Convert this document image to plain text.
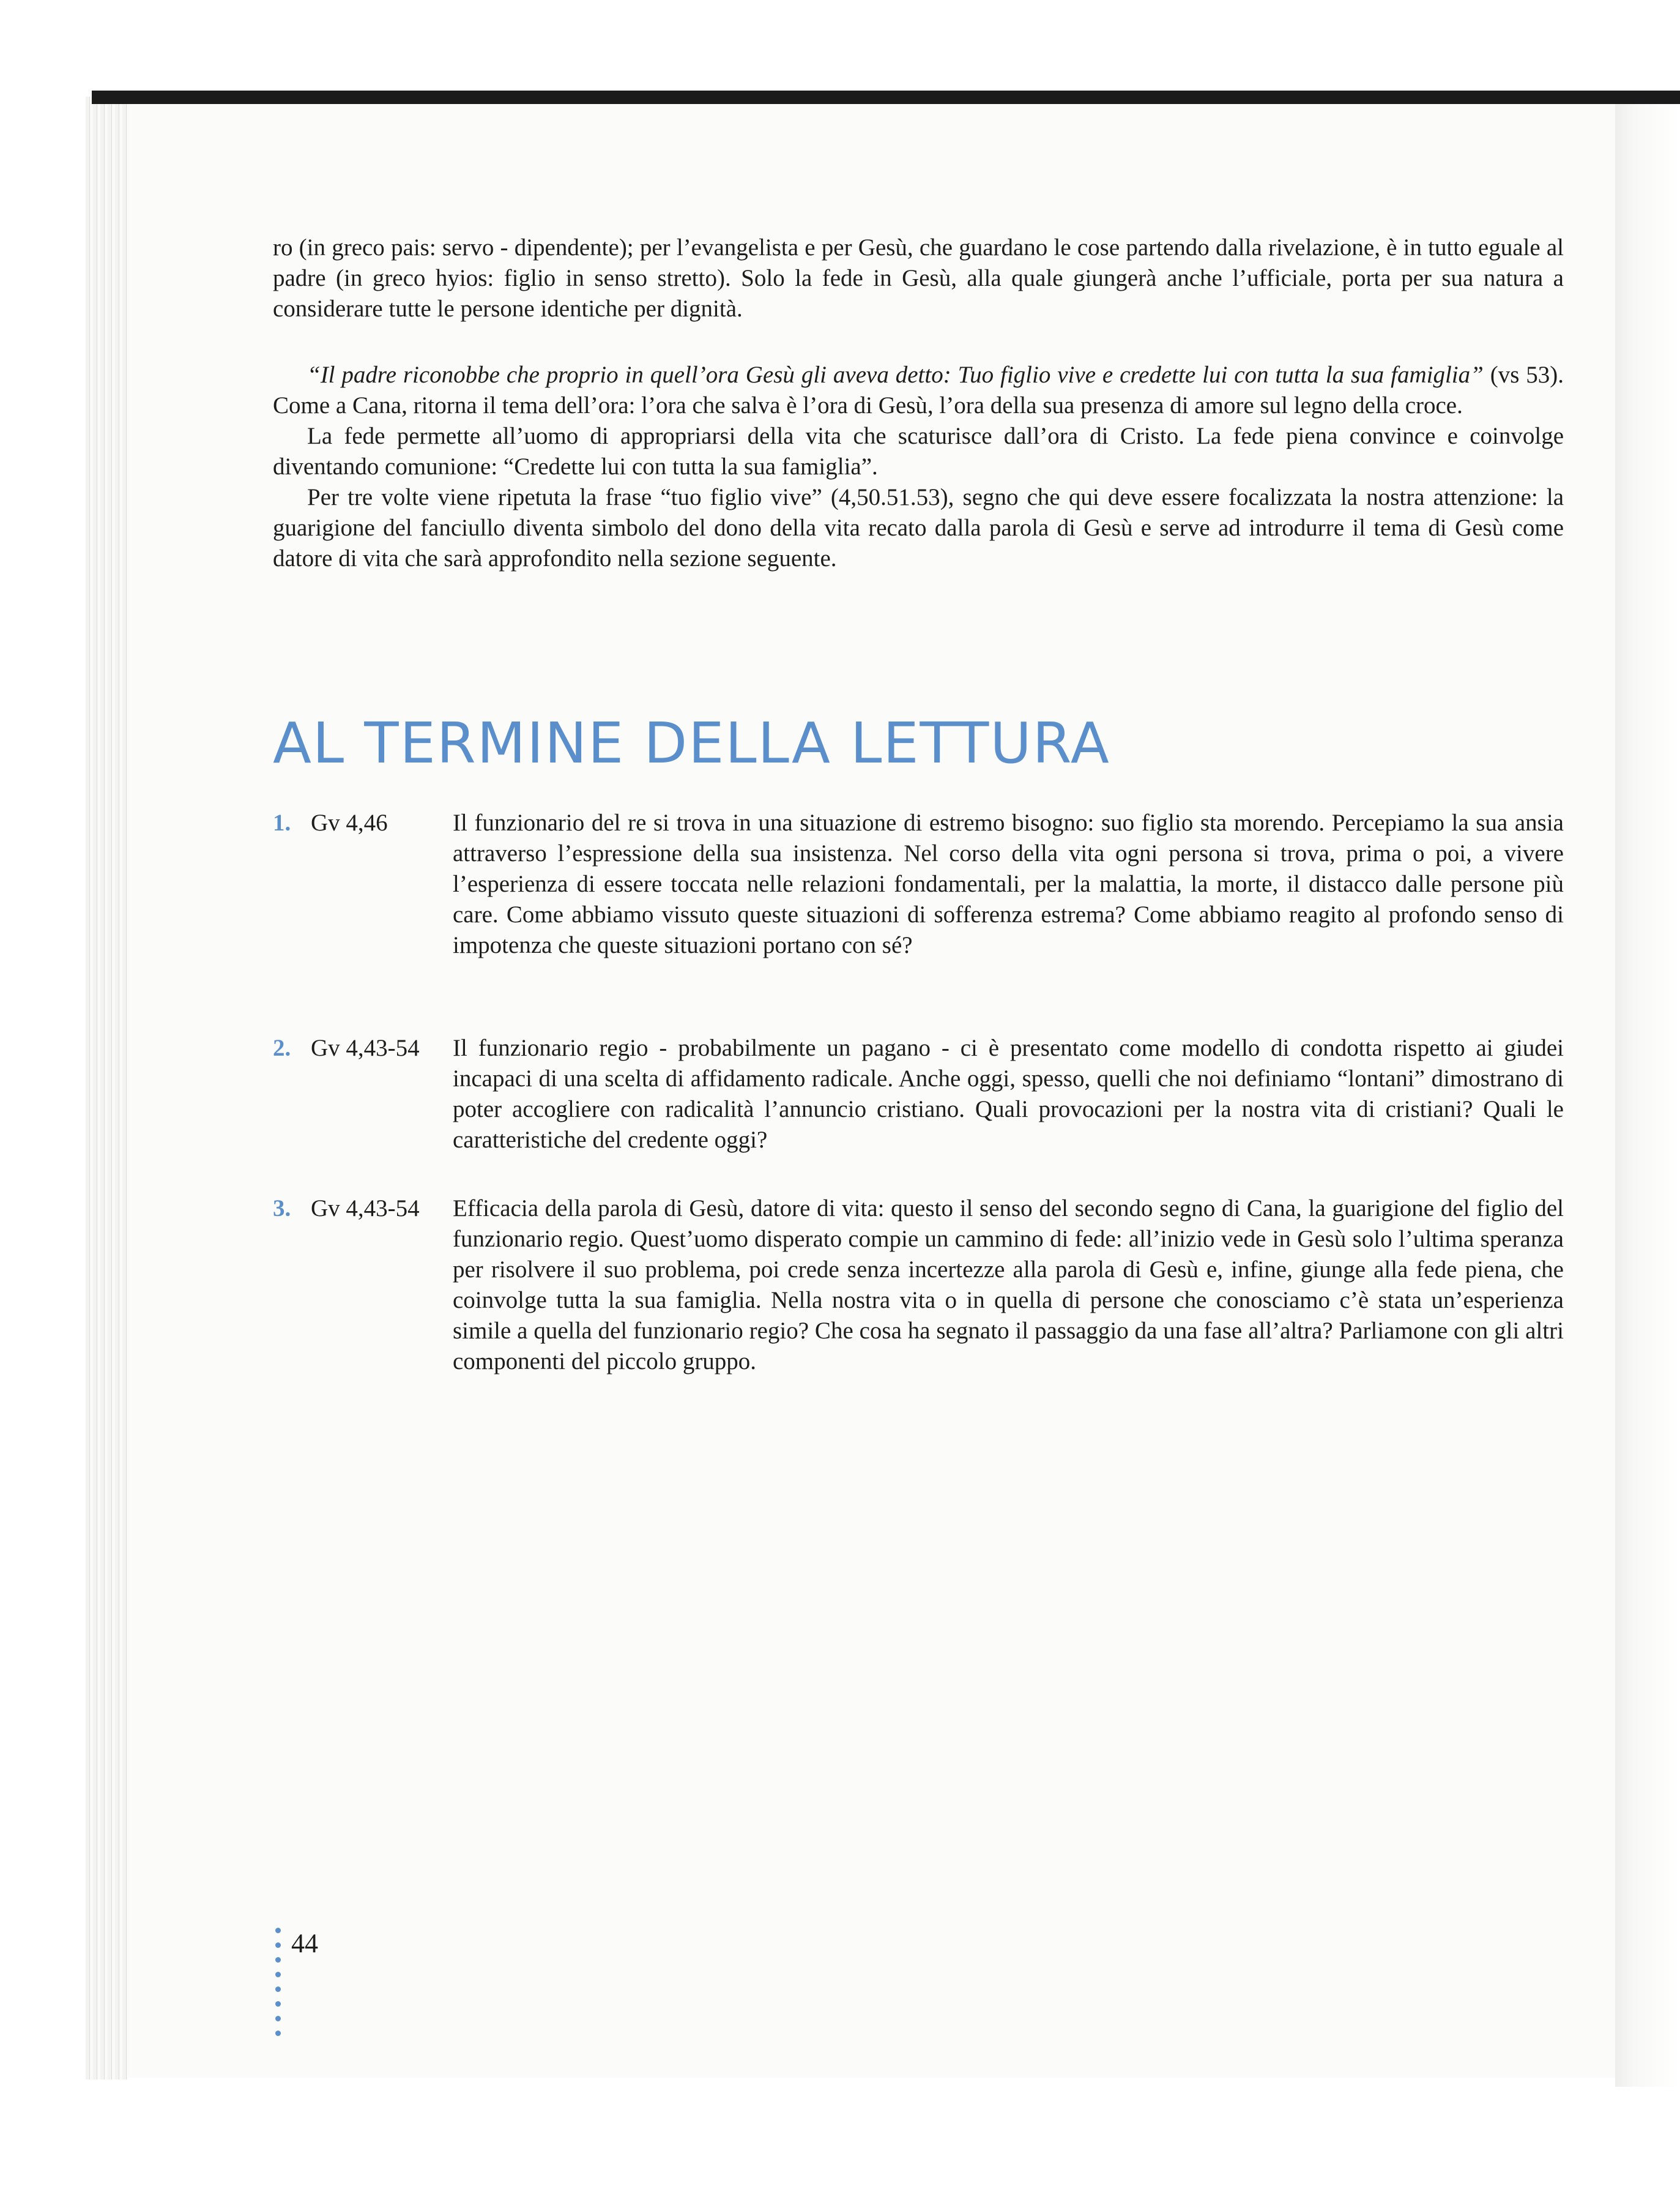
ro (in greco pais: servo - dipendente); per l’evangelista e per Gesù, che guardano le cose partendo dalla rivelazione, è in tutto eguale al padre (in greco hyios: figlio in senso stretto). Solo la fede in Gesù, alla quale giungerà anche l’ufficiale, porta per sua natura a considerare tutte le persone identiche per dignità.

“Il padre riconobbe che proprio in quell’ora Gesù gli aveva detto: Tuo figlio vive e credette lui con tutta la sua famiglia” (vs 53). Come a Cana, ritorna il tema dell’ora: l’ora che salva è l’ora di Gesù, l’ora della sua presenza di amore sul legno della croce.

La fede permette all’uomo di appropriarsi della vita che scaturisce dall’ora di Cristo. La fede piena convince e coinvolge diventando comunione: “Credette lui con tutta la sua famiglia”.

Per tre volte viene ripetuta la frase “tuo figlio vive” (4,50.51.53), segno che qui deve essere focalizzata la nostra attenzione: la guarigione del fanciullo diventa simbolo del dono della vita recato dalla parola di Gesù e serve ad introdurre il tema di Gesù come datore di vita che sarà approfondito nella sezione seguente.

AL TERMINE DELLA LETTURA
1. Gv 4,46	Il funzionario del re si trova in una situazione di estremo bisogno: suo figlio sta morendo. Percepiamo la sua ansia attraverso l’espressione della sua insistenza. Nel corso della vita ogni persona si trova, prima o poi, a vivere l’esperienza di essere toccata nelle relazioni fondamentali, per la malattia, la morte, il distacco dalle persone più care. Come abbiamo vissuto queste situazioni di sofferenza estrema? Come abbiamo reagito al profondo senso di impotenza che queste situazioni portano con sé?

2. Gv 4,43-54 Il funzionario regio - probabilmente un pagano - ci è presentato come modello di condotta rispetto ai giudei incapaci di una scelta di affidamento radicale. Anche oggi, spesso, quelli che noi definiamo “lontani” dimostrano di poter accogliere con radicalità l’annuncio cristiano. Quali provocazioni per la nostra vita di cristiani? Quali le caratteristiche del credente oggi?

3. Gv 4,43-54 Efficacia della parola di Gesù, datore di vita: questo il senso del secondo segno di Cana, la guarigione del figlio del funzionario regio. Quest’uomo disperato compie un cammino di fede: all’inizio vede in Gesù solo l’ultima speranza per risolvere il suo problema, poi crede senza incertezze alla parola di Gesù e, infine, giunge alla fede piena, che coinvolge tutta la sua famiglia. Nella nostra vita o in quella di persone che conosciamo c’è stata un’esperienza simile a quella del funzionario regio? Che cosa ha segnato il passaggio da una fase all’altra? Parliamone con gli altri componenti del piccolo gruppo.

44
